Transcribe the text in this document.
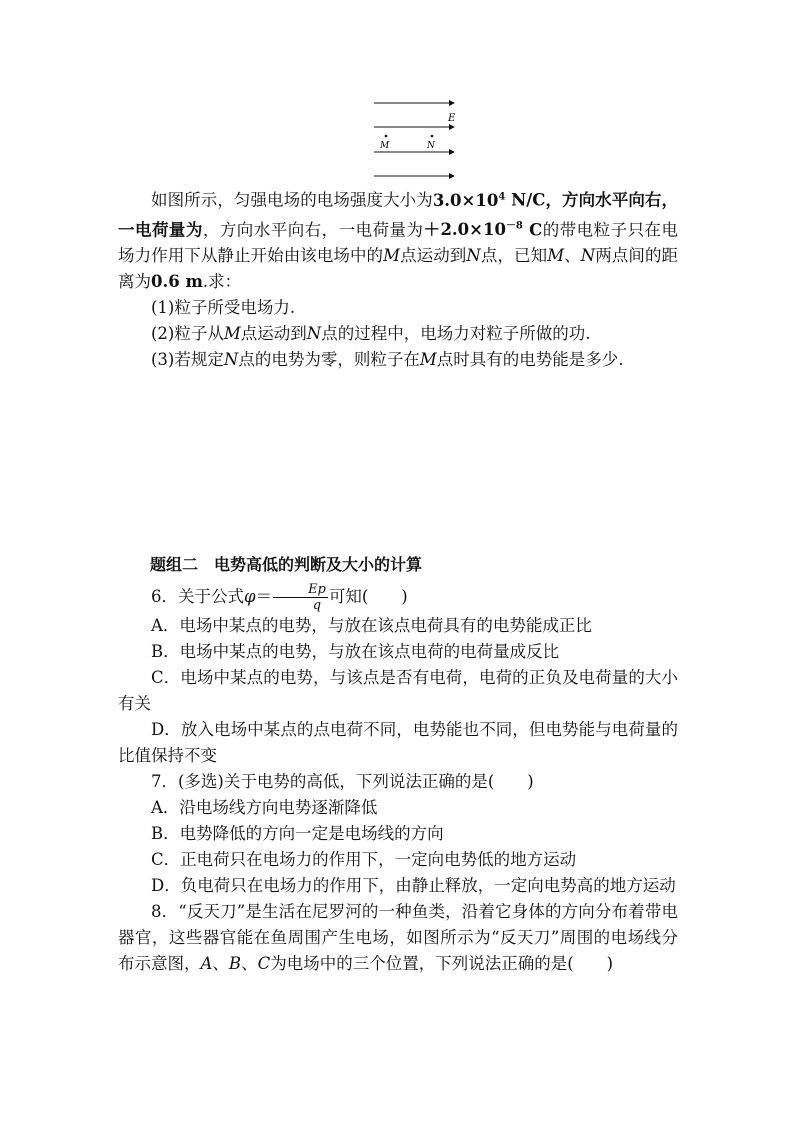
E
M	N

如图所示，匀强电场的电场强度大小为$3.0\times 10^4$ N/C，方向水平向右，一电荷量为，方向水平向右，一电荷量为$+2.0\times 10^{-8}$ C的带电粒子只在电场力作用下从静止开始由该电场中的M点运动到N点，已知M、N两点间的距离为0.6 m.求：

(1)粒子所受电场力.

(2)粒子从M点运动到N点的过程中，电场力对粒子所做的功.

(3)若规定N点的电势为零，则粒子在M点时具有的电势能是多少.

题组二　电势高低的判断及大小的计算

6．关于公式$\varphi= \frac{Ep}{q}$ 可知(　　)

A．电场中某点的电势，与放在该点电荷具有的电势能成正比

B．电场中某点的电势，与放在该点电荷的电荷量成反比

C．电场中某点的电势，与该点是否有电荷，电荷的正负及电荷量的大小有关

D．放入电场中某点的点电荷不同，电势能也不同，但电势能与电荷量的比值保持不变

7．(多选)关于电势的高低，下列说法正确的是(　　)

A．沿电场线方向电势逐渐降低

B．电势降低的方向一定是电场线的方向

C．正电荷只在电场力的作用下，一定向电势低的地方运动

D．负电荷只在电场力的作用下，由静止释放，一定向电势高的地方运动

8．“反天刀”是生活在尼罗河的一种鱼类，沿着它身体的方向分布着带电器官，这些器官能在鱼周围产生电场，如图所示为“反天刀”周围的电场线分布示意图，A、B、C为电场中的三个位置，下列说法正确的是(　　)
